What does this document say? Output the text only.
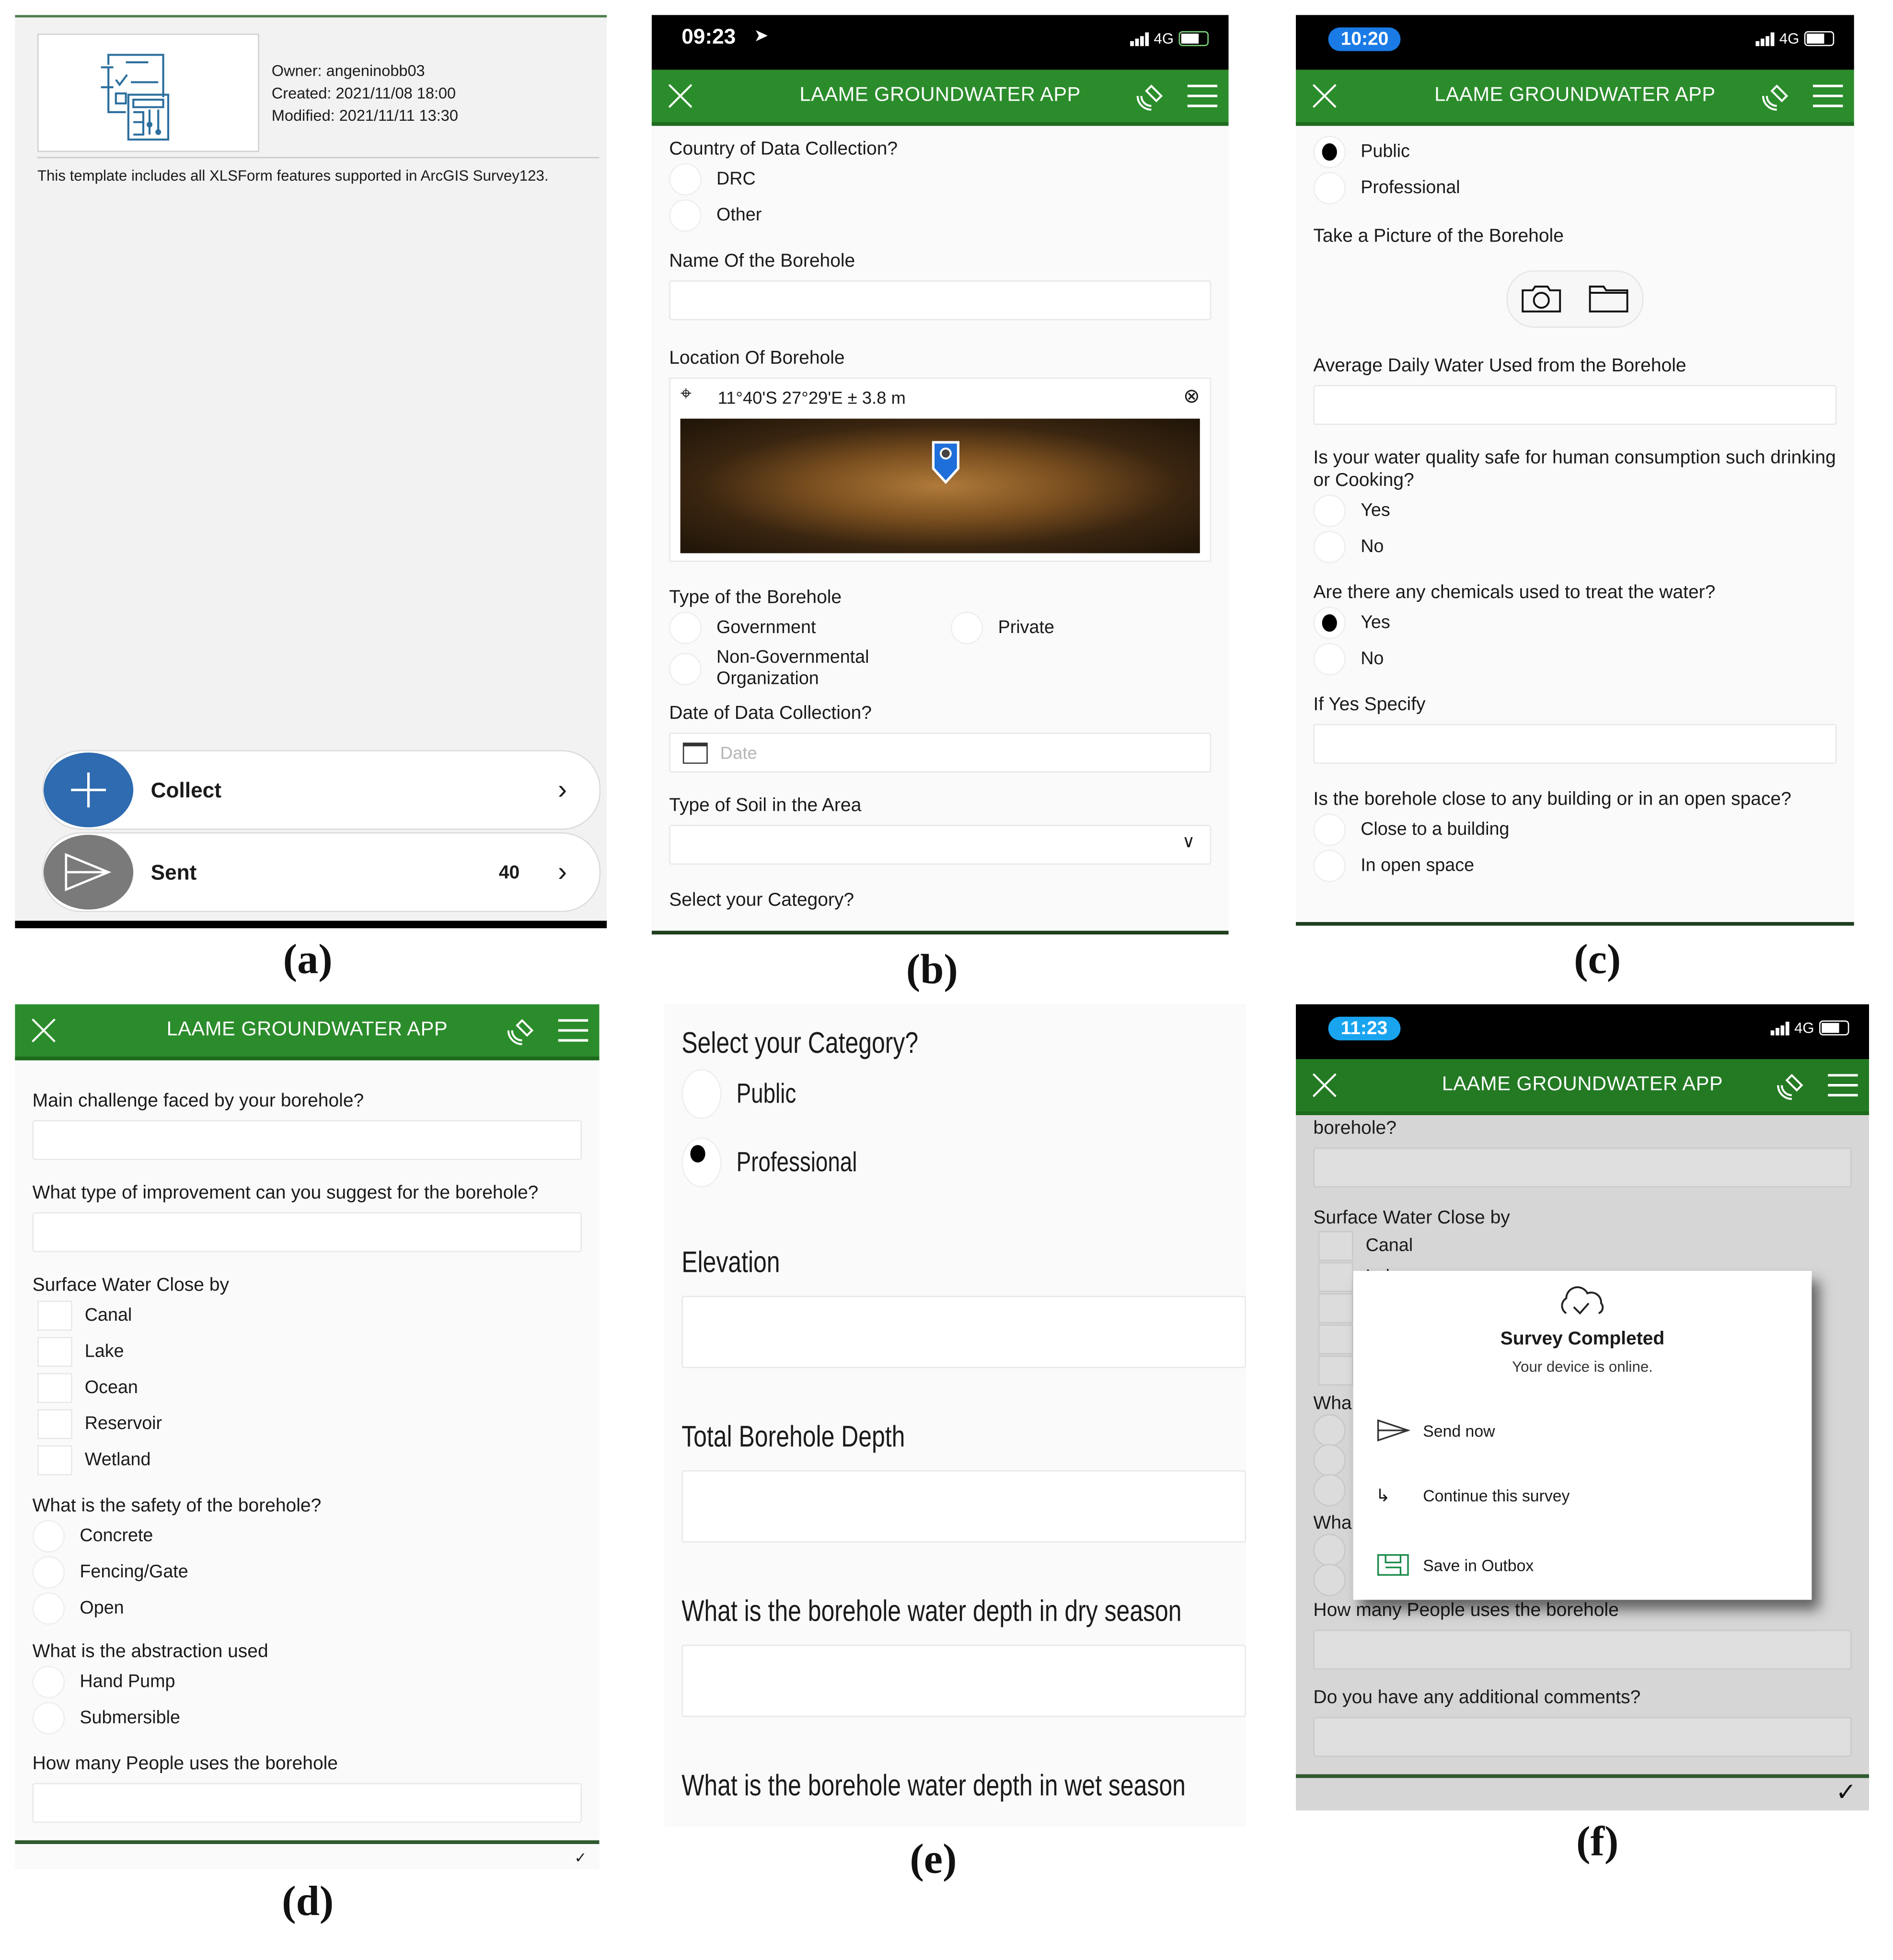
Owner: angeninobb03
Created: 2021/11/08 18:00
Modified: 2021/11/11 13:30
This template includes all XLSForm features supported in ArcGIS Survey123.
Collect	›
Sent	40	›
(a)
09:23	➤	4G
LAAME GROUNDWATER APP

Country of Data Collection?

DRC
Other

Name Of the Borehole

Location Of Borehole

⌖	11°40'S 27°29'E ± 3.8 m	⊗

Type of the Borehole

Government	Private
Non-Governmental Organization

Date of Data Collection?

Date

Type of Soil in the Area

∨

Select your Category?

(b)
10:20	4G
LAAME GROUNDWATER APP
Public
Professional

Take a Picture of the Borehole

Average Daily Water Used from the Borehole

Is your water quality safe for human consumption such drinking or Cooking?

Yes
No

Are there any chemicals used to treat the water?

Yes
No

If Yes Specify

Is the borehole close to any building or in an open space?

Close to a building
In open space
(c)
LAAME GROUNDWATER APP

Main challenge faced by your borehole?

What type of improvement can you suggest for the borehole?

Surface Water Close by

Canal
Lake
Ocean
Reservoir
Wetland

What is the safety of the borehole?

Concrete
Fencing/Gate
Open

What is the abstraction used

Hand Pump
Submersible

How many People uses the borehole

✓
(d)

Select your Category?

Public
Professional

Elevation

Total Borehole Depth

What is the borehole water depth in dry season

What is the borehole water depth in wet season

(e)
11:23	4G
LAAME GROUNDWATER APP

borehole?

Surface Water Close by

Canal

Wha

Wha

How many People uses the borehole

Do you have any additional comments?

✓
Survey Completed
Your device is online.
Send now
↳	Continue this survey
Save in Outbox
(f)
